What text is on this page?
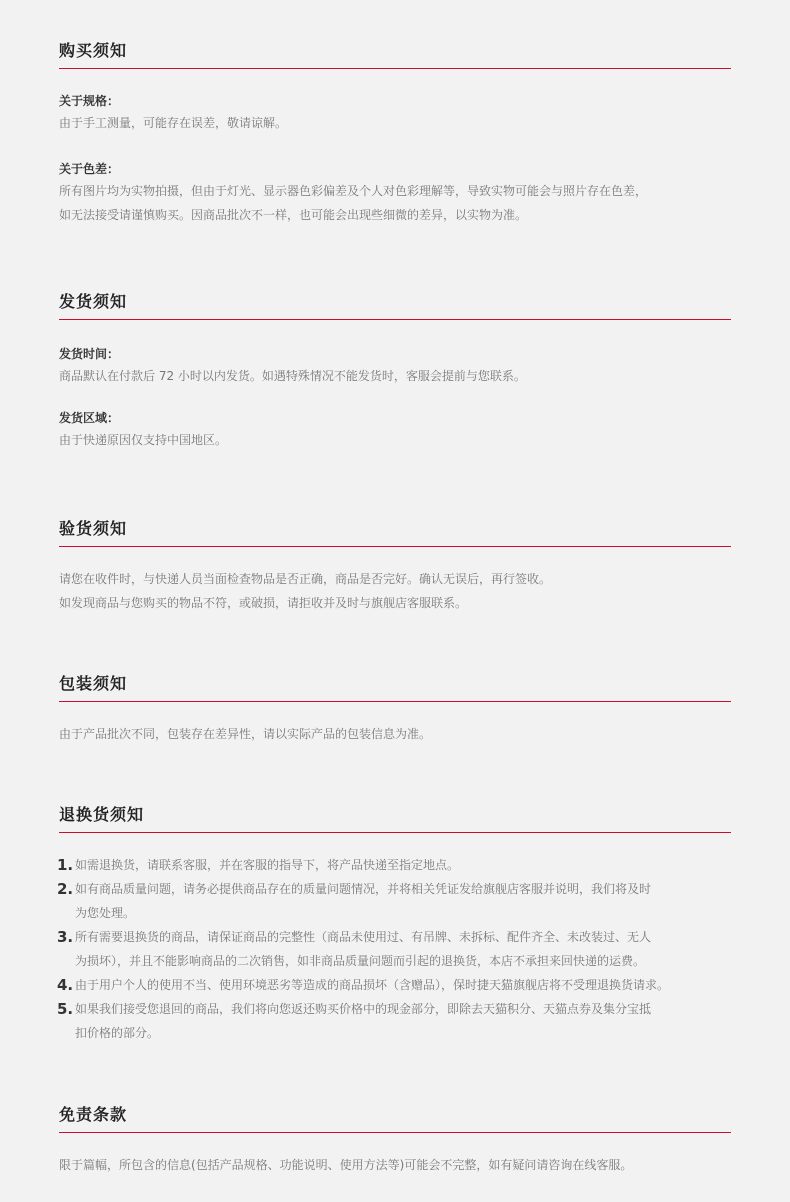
购买须知
关于规格：
由于手工测量，可能存在误差，敬请谅解。
关于色差：
所有图片均为实物拍摄，但由于灯光、显示器色彩偏差及个人对色彩理解等，导致实物可能会与照片存在色差，
如无法接受请谨慎购买。因商品批次不一样，也可能会出现些细微的差异，以实物为准。
发货须知
发货时间：
商品默认在付款后 72 小时以内发货。如遇特殊情况不能发货时，客服会提前与您联系。
发货区域：
由于快递原因仅支持中国地区。
验货须知
请您在收件时，与快递人员当面检查物品是否正确，商品是否完好。确认无误后，再行签收。
如发现商品与您购买的物品不符，或破损，请拒收并及时与旗舰店客服联系。
包装须知
由于产品批次不同，包装存在差异性，请以实际产品的包装信息为准。
退换货须知
1. 如需退换货，请联系客服，并在客服的指导下，将产品快递至指定地点。
2. 如有商品质量问题，请务必提供商品存在的质量问题情况，并将相关凭证发给旗舰店客服并说明，我们将及时
为您处理。
3. 所有需要退换货的商品，请保证商品的完整性（商品未使用过、有吊牌、未拆标、配件齐全、未改装过、无人
为损坏），并且不能影响商品的二次销售，如非商品质量问题而引起的退换货，本店不承担来回快递的运费。
4. 由于用户个人的使用不当、使用环境恶劣等造成的商品损坏（含赠品），保时捷天猫旗舰店将不受理退换货请求。
5. 如果我们接受您退回的商品，我们将向您返还购买价格中的现金部分，即除去天猫积分、天猫点券及集分宝抵
扣价格的部分。
免责条款
限于篇幅，所包含的信息(包括产品规格、功能说明、使用方法等)可能会不完整，如有疑问请咨询在线客服。
